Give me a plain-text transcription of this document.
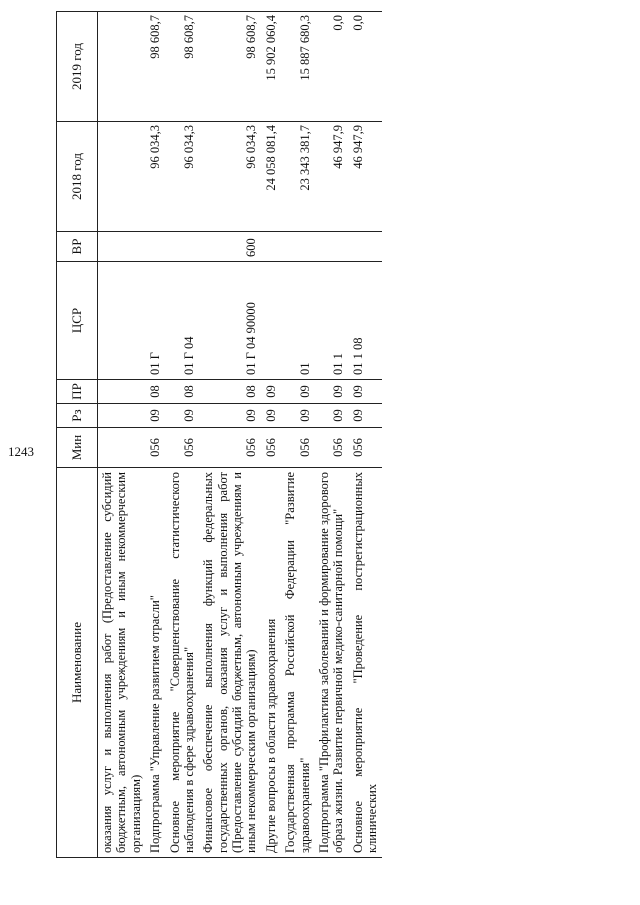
1243
Наименование	Мин	Рз	ПР	ЦСР	ВР	2018 год	2019 год
оказания услуг и выполнения работ (Предоставление субсидий бюджетным, автономным учреждениям и иным некоммерческим организациям)							
Подпрограмма "Управление развитием отрасли"	056	09	08	01 Г		96 034,3	98 608,7
Основное мероприятие "Совершенствование статистического наблюдения в сфере здравоохранения"	056	09	08	01 Г 04		96 034,3	98 608,7
Финансовое обеспечение выполнения функций федеральных государственных органов, оказания услуг и выполнения работ (Предоставление субсидий бюджетным, автономным учреждениям и иным некоммерческим организациям)	056	09	08	01 Г 04 90000	600	96 034,3	98 608,7
Другие вопросы в области здравоохранения	056	09	09			24 058 081,4	15 902 060,4
Государственная программа Российской Федерации "Развитие здравоохранения"	056	09	09	01		23 343 381,7	15 887 680,3
Подпрограмма "Профилактика заболеваний и формирование здорового образа жизни. Развитие первичной медико-санитарной помощи"	056	09	09	01 1		46 947,9	0,0
Основное мероприятие "Проведение пострегистрационных клинических	056	09	09	01 1 08		46 947,9	0,0
